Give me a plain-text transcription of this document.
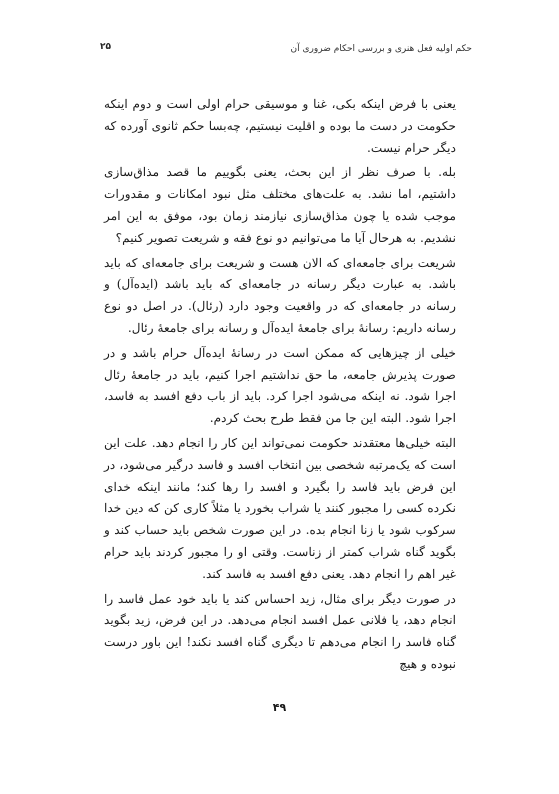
حکم اولیه فعل هنری و بررسی احکام ضروری آن
۲۵

یعنی با فرض اینکه بکی، غنا و موسیقی حرام اولی است و دوم اینکه حکومت در دست ما بوده و اقلیت نیستیم، چه‌بسا حکم ثانوی آورده که دیگر حرام نیست.

بله. با صرف نظر از این بحث، یعنی بگوییم ما قصد مذاق‌سازی داشتیم، اما نشد. به علت‌های مختلف مثل نبود امکانات و مقدورات موجب شده یا چون مذاق‌سازی نیازمند زمان بود، موفق به این امر نشدیم. به هرحال آیا ما می‌توانیم دو نوع فقه و شریعت تصویر کنیم؟

شریعت برای جامعه‌ای که الان هست و شریعت برای جامعه‌ای که باید باشد. به عبارت دیگر رسانه در جامعه‌ای که باید باشد (ایده‌آل) و رسانه در جامعه‌ای که در واقعیت وجود دارد (رئال). در اصل دو نوع رسانه داریم: رسانهٔ برای جامعهٔ ایده‌آل و رسانه برای جامعهٔ رئال.

خیلی از چیزهایی که ممکن است در رسانهٔ ایده‌آل حرام باشد و در صورت پذیرش جامعه، ما حق نداشتیم اجرا کنیم، باید در جامعهٔ رئال اجرا شود. نه اینکه می‌شود اجرا کرد. باید از باب دفع افسد به فاسد، اجرا شود. البته این جا من فقط طرح بحث کردم.

البته خیلی‌ها معتقدند حکومت نمی‌تواند این کار را انجام دهد. علت این است که یک‌مرتبه شخصی بین انتخاب افسد و فاسد درگیر می‌شود، در این فرض باید فاسد را بگیرد و افسد را رها کند؛ مانند اینکه خدای نکرده کسی را مجبور کنند یا شراب بخورد یا مثلاً کاری کن که دین خدا سرکوب شود یا زنا انجام بده. در این صورت شخص باید حساب کند و بگوید گناه شراب کمتر از زناست. وقتی او را مجبور کردند باید حرام غیر اهم را انجام دهد. یعنی دفع افسد به فاسد کند.

در صورت دیگر برای مثال، زید احساس کند یا باید خود عمل فاسد را انجام دهد، یا فلانی عمل افسد انجام می‌دهد. در این فرض، زید بگوید گناه فاسد را انجام می‌دهم تا دیگری گناه افسد نکند! این باور درست نبوده و هیچ

۴۹
